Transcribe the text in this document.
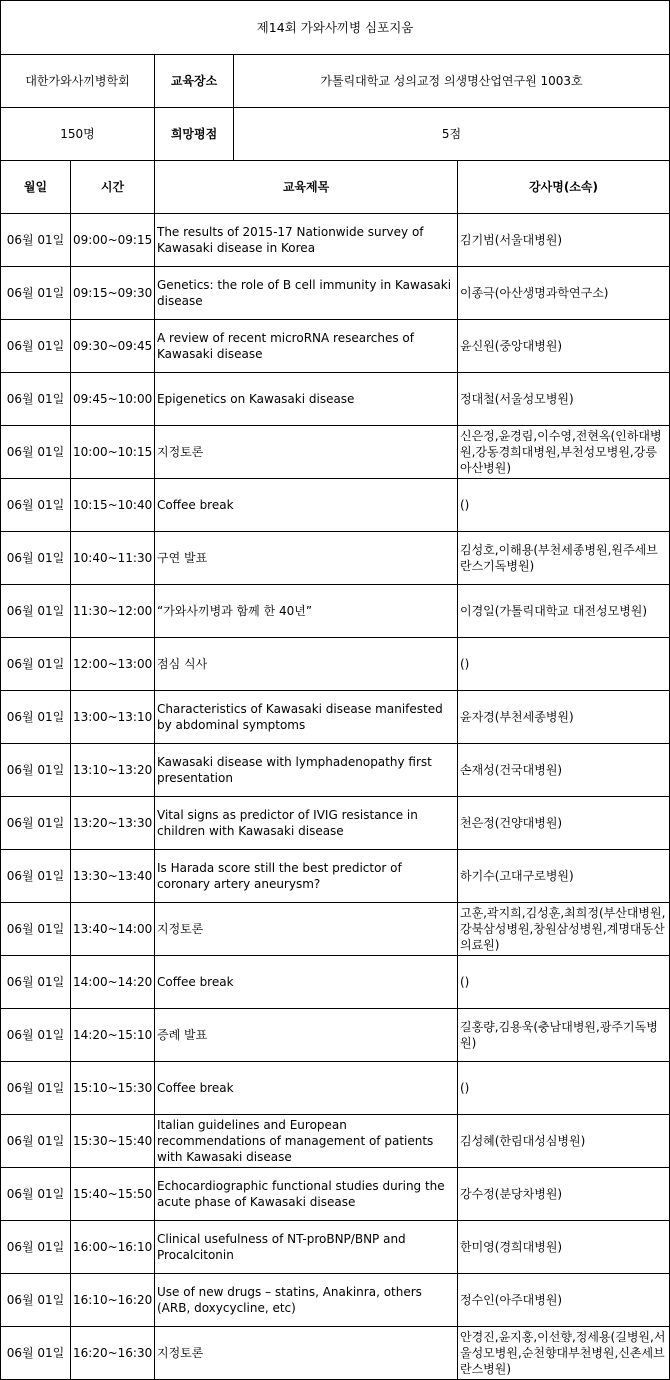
제14회 가와사끼병 심포지움				
대한가와사끼병학회		교육장소	가톨릭대학교 성의교정 의생명산업연구원 1003호	
150명		희망평점	5점	
월일	시간	교육제목		강사명(소속)
06월 01일	09:00~09:15	The results of 2015-17 Nationwide survey of Kawasaki disease in Korea		김기범(서울대병원)
06월 01일	09:15~09:30	Genetics: the role of B cell immunity in Kawasaki disease		이종극(아산생명과학연구소)
06월 01일	09:30~09:45	A review of recent microRNA researches of Kawasaki disease		윤신원(중앙대병원)
06월 01일	09:45~10:00	Epigenetics on Kawasaki disease		정대철(서울성모병원)
06월 01일	10:00~10:15	지정토론		신은정,윤경림,이수영,전현옥(인하대병원,강동경희대병원,부천성모병원,강릉아산병원)
06월 01일	10:15~10:40	Coffee break		()
06월 01일	10:40~11:30	구연 발표		김성호,이해용(부천세종병원,원주세브란스기독병원)
06월 01일	11:30~12:00	“가와사끼병과 함께 한 40년”		이경일(가톨릭대학교 대전성모병원)
06월 01일	12:00~13:00	점심 식사		()
06월 01일	13:00~13:10	Characteristics of Kawasaki disease manifested by abdominal symptoms		윤자경(부천세종병원)
06월 01일	13:10~13:20	Kawasaki disease with lymphadenopathy first presentation		손재성(건국대병원)
06월 01일	13:20~13:30	Vital signs as predictor of IVIG resistance in children with Kawasaki disease		천은정(건양대병원)
06월 01일	13:30~13:40	Is Harada score still the best predictor of coronary artery aneurysm?		하기수(고대구로병원)
06월 01일	13:40~14:00	지정토론		고훈,곽지희,김성훈,최희정(부산대병원,강북삼성병원,창원삼성병원,계명대동산의료원)
06월 01일	14:00~14:20	Coffee break		()
06월 01일	14:20~15:10	증례 발표		길홍량,김용욱(충남대병원,광주기독병원)
06월 01일	15:10~15:30	Coffee break		()
06월 01일	15:30~15:40	Italian guidelines and European recommendations of management of patients with Kawasaki disease		김성혜(한림대성심병원)
06월 01일	15:40~15:50	Echocardiographic functional studies during the acute phase of Kawasaki disease		강수정(분당차병원)
06월 01일	16:00~16:10	Clinical usefulness of NT-proBNP/BNP and Procalcitonin		한미영(경희대병원)
06월 01일	16:10~16:20	Use of new drugs – statins, Anakinra, others (ARB, doxycycline, etc)		정수인(아주대병원)
06월 01일	16:20~16:30	지정토론		안경진,윤지홍,이선향,정세용(길병원,서울성모병원,순천향대부천병원,신촌세브란스병원)
